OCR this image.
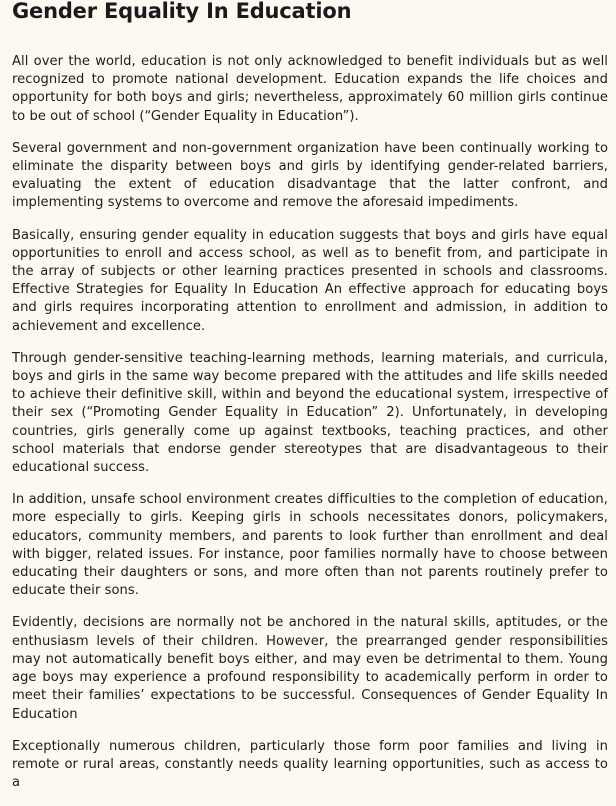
Gender Equality In Education

All over the world, education is not only acknowledged to benefit individuals but as well recognized to promote national development. Education expands the life choices and opportunity for both boys and girls; nevertheless, approximately 60 million girls continue to be out of school (“Gender Equality in Education”).

Several government and non-government organization have been continually working to eliminate the disparity between boys and girls by identifying gender-related barriers, evaluating the extent of education disadvantage that the latter confront, and implementing systems to overcome and remove the aforesaid impediments.

Basically, ensuring gender equality in education suggests that boys and girls have equal opportunities to enroll and access school, as well as to benefit from, and participate in the array of subjects or other learning practices presented in schools and classrooms. Effective Strategies for Equality In Education An effective approach for educating boys and girls requires incorporating attention to enrollment and admission, in addition to achievement and excellence.

Through gender-sensitive teaching-learning methods, learning materials, and curricula, boys and girls in the same way become prepared with the attitudes and life skills needed to achieve their definitive skill, within and beyond the educational system, irrespective of their sex (“Promoting Gender Equality in Education” 2). Unfortunately, in developing countries, girls generally come up against textbooks, teaching practices, and other school materials that endorse gender stereotypes that are disadvantageous to their educational success.

In addition, unsafe school environment creates difficulties to the completion of education, more especially to girls. Keeping girls in schools necessitates donors, policymakers, educators, community members, and parents to look further than enrollment and deal with bigger, related issues. For instance, poor families normally have to choose between educating their daughters or sons, and more often than not parents routinely prefer to educate their sons.

Evidently, decisions are normally not be anchored in the natural skills, aptitudes, or the enthusiasm levels of their children. However, the prearranged gender responsibilities may not automatically benefit boys either, and may even be detrimental to them. Young age boys may experience a profound responsibility to academically perform in order to meet their families’ expectations to be successful. Consequences of Gender Equality In Education

Exceptionally numerous children, particularly those form poor families and living in remote or rural areas, constantly needs quality learning opportunities, such as access to a
